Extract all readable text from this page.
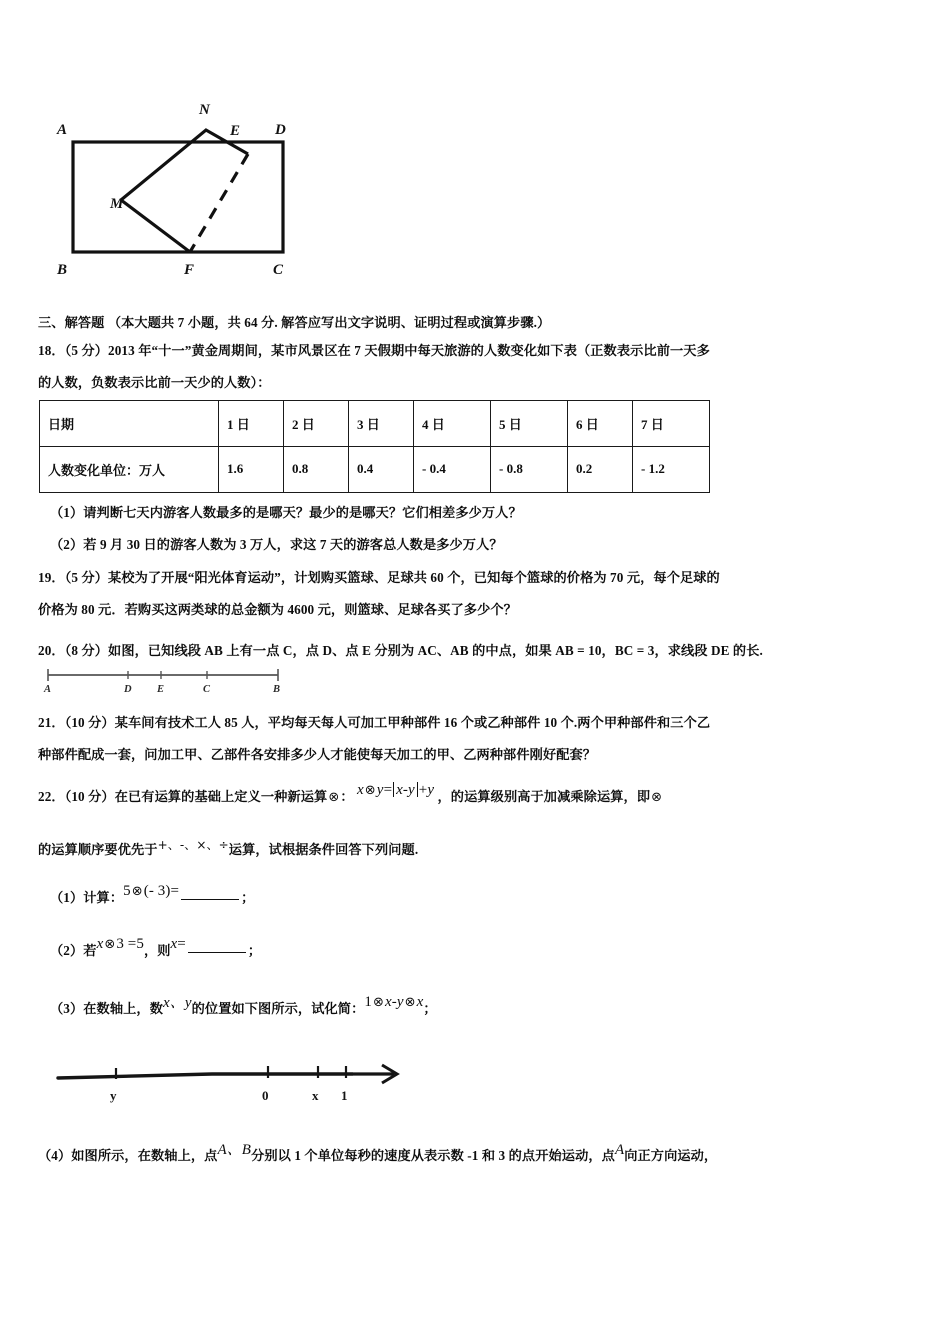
A
B	C
D
M
N
E
F
三、解答题 （本大题共 7 小题，共 64 分. 解答应写出文字说明、证明过程或演算步骤.）
18．（5 分）2013 年“十一”黄金周期间，某市风景区在 7 天假期中每天旅游的人数变化如下表（正数表示比前一天多
的人数，负数表示比前一天少的人数）：
日期	1 日	2 日	3 日	4 日	5 日	6 日	7 日
人数变化单位：万人	1.6	0.8	0.4	- 0.4	- 0.8	0.2	- 1.2
（1）请判断七天内游客人数最多的是哪天？最少的是哪天？它们相差多少万人？
（2）若 9 月 30 日的游客人数为 3 万人，求这 7 天的游客总人数是多少万人？
19．（5 分）某校为了开展“阳光体育运动”，计划购买篮球、足球共 60 个，已知每个篮球的价格为 70 元，每个足球的
价格为 80 元．若购买这两类球的总金额为 4600 元，则篮球、足球各买了多少个？
20．（8 分）如图，已知线段 AB 上有一点 C，点 D、点 E 分别为 AC、AB 的中点，如果 AB = 10，BC = 3，求线段 DE 的长.
A	D E	C	B
21．（10 分）某车间有技术工人 85 人，平均每天每人可加工甲种部件 16 个或乙种部件 10 个.两个甲种部件和三个乙
种部件配成一套，问加工甲、乙部件各安排多少人才能使每天加工的甲、乙两种部件刚好配套？
22．（10 分）在已有运算的基础上定义一种新运算⊗： x⊗y= x-y +y ，的运算级别高于加减乘除运算，即⊗
的运算顺序要优先于+、-、×、÷运算，试根据条件回答下列问题.
（1）计算：5⊗(- 3)=	；
（2）若x⊗3 =5，则x=	；
（3）在数轴上，数x、y的位置如下图所示，试化简：1⊗x-y⊗x；
y	0	x 1
（4）如图所示，在数轴上，点A、B分别以 1 个单位每秒的速度从表示数 -1 和 3 的点开始运动，点A向正方向运动，
